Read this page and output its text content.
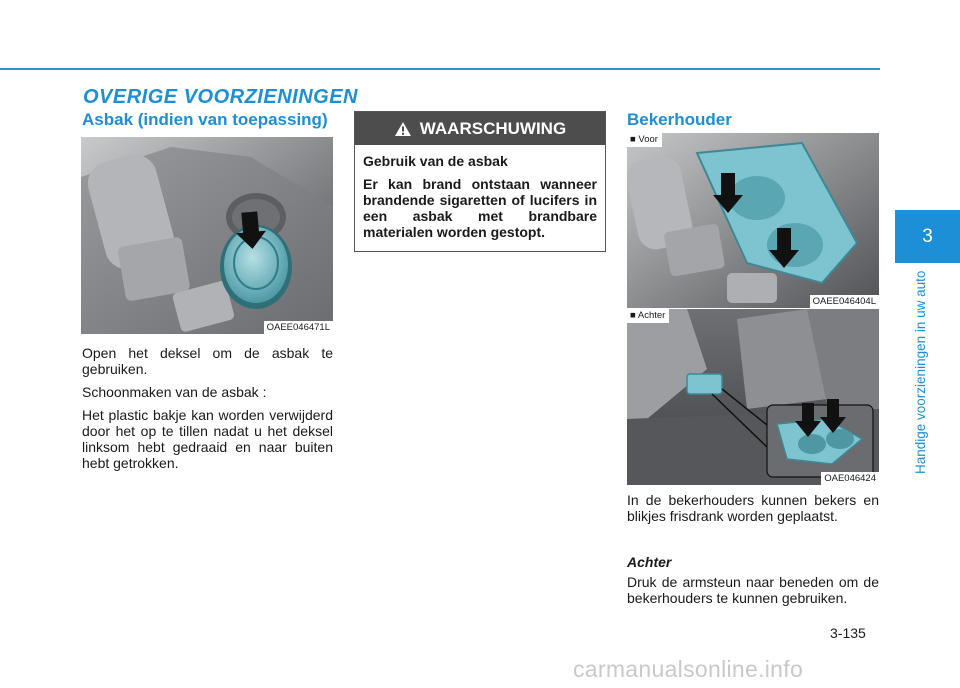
OVERIGE VOORZIENINGEN
Asbak (indien van toepassing)
OAEE046471L

Open het deksel om de asbak te gebruiken.

Schoonmaken van de asbak :

Het plastic bakje kan worden verwijderd door het op te tillen nadat u het deksel linksom hebt gedraaid en naar buiten hebt getrokken.

WAARSCHUWING

Gebruik van de asbak

Er kan brand ontstaan wanneer brandende sigaretten of lucifers in een asbak met brandbare materialen worden gestopt.

Bekerhouder
■ Voor
OAEE046404L
■ Achter
OAE046424
In de bekerhouders kunnen bekers en blikjes frisdrank worden geplaatst.
Achter
Druk de armsteun naar beneden om de bekerhouders te kunnen gebruiken.
3
Handige voorzieningen in uw auto
3-135
carmanualsonline.info
